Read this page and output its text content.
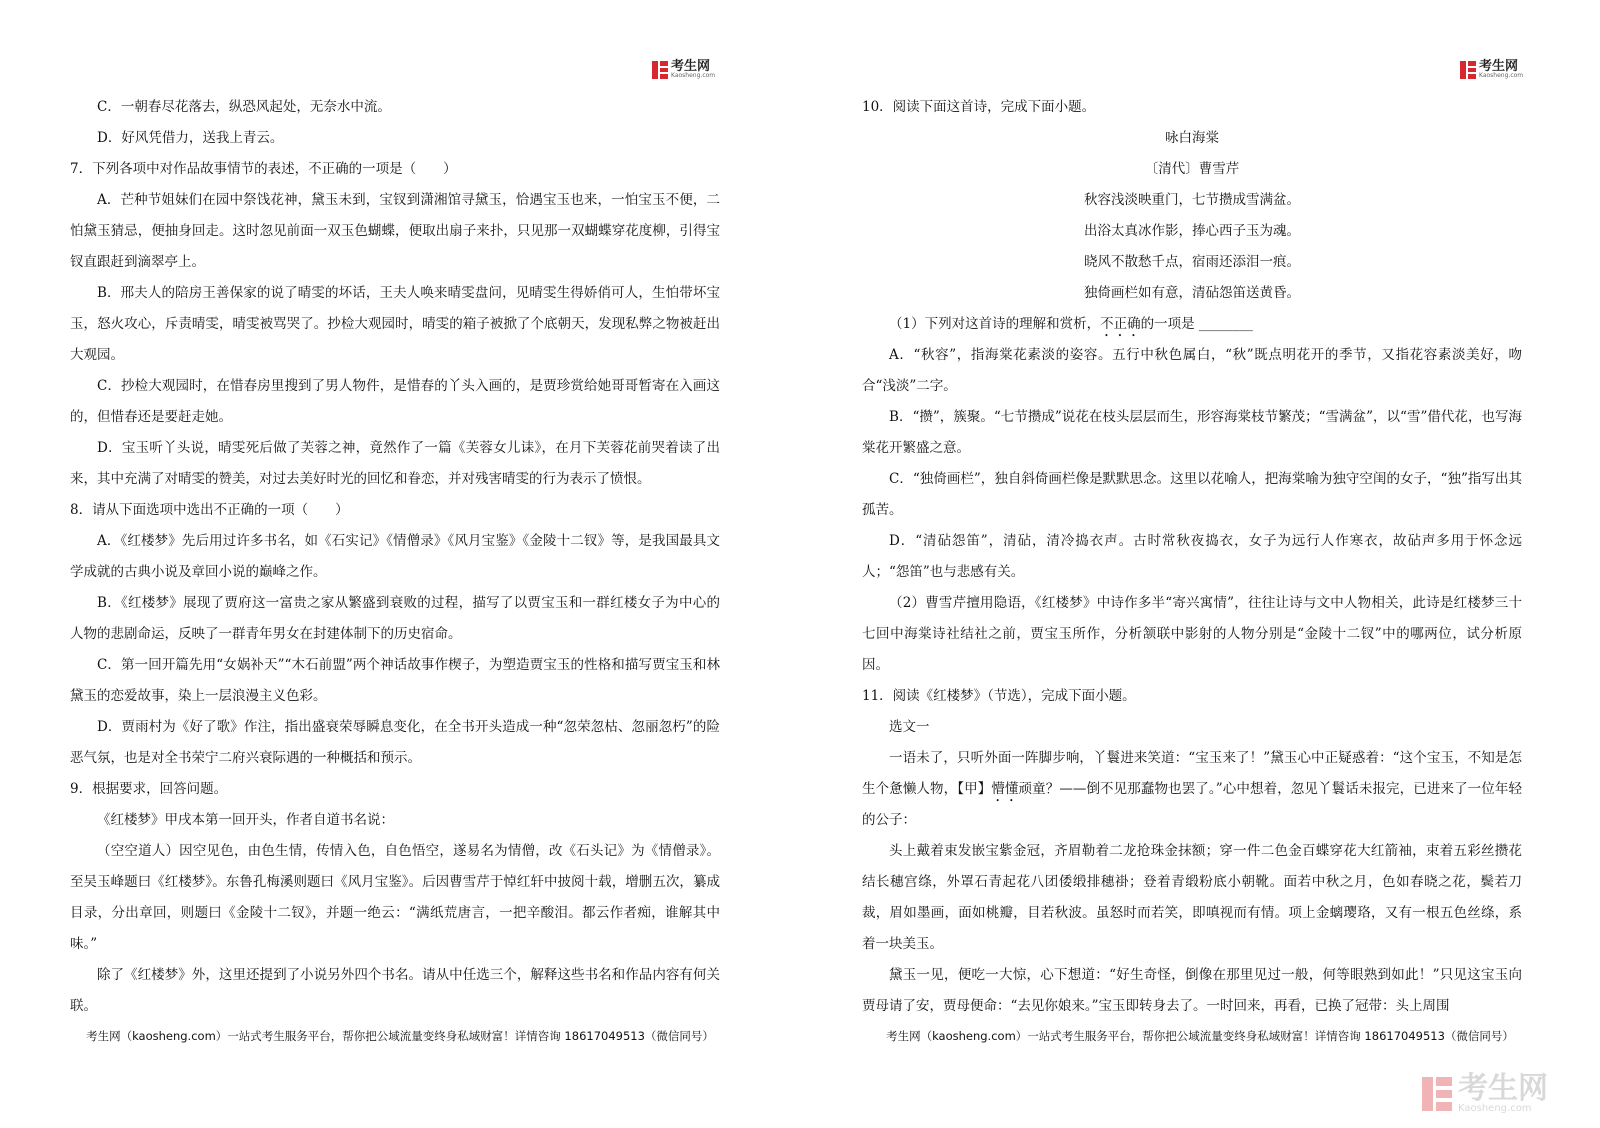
考生网
Kaosheng.com

C．一朝春尽花落去，纵恐风起处，无奈水中流。

D．好风凭借力，送我上青云。

7．下列各项中对作品故事情节的表述，不正确的一项是（　　）

A．芒种节姐妹们在园中祭饯花神，黛玉未到，宝钗到潇湘馆寻黛玉，恰遇宝玉也来，一怕宝玉不便，二怕黛玉猜忌，便抽身回走。这时忽见前面一双玉色蝴蝶，便取出扇子来扑，只见那一双蝴蝶穿花度柳，引得宝钗直跟赶到滴翠亭上。

B．邢夫人的陪房王善保家的说了晴雯的坏话，王夫人唤来晴雯盘问，见晴雯生得娇俏可人，生怕带坏宝玉，怒火攻心，斥责晴雯，晴雯被骂哭了。抄检大观园时，晴雯的箱子被掀了个底朝天，发现私弊之物被赶出大观园。

C．抄检大观园时，在惜春房里搜到了男人物件，是惜春的丫头入画的，是贾珍赏给她哥哥暂寄在入画这的，但惜春还是要赶走她。

D．宝玉听丫头说，晴雯死后做了芙蓉之神，竟然作了一篇《芙蓉女儿诔》，在月下芙蓉花前哭着读了出来，其中充满了对晴雯的赞美，对过去美好时光的回忆和眷恋，并对残害晴雯的行为表示了愤恨。

8．请从下面选项中选出不正确的一项（　　）

A．《红楼梦》先后用过许多书名，如《石实记》《情僧录》《风月宝鉴》《金陵十二钗》等，是我国最具文学成就的古典小说及章回小说的巅峰之作。

B．《红楼梦》展现了贾府这一富贵之家从繁盛到衰败的过程，描写了以贾宝玉和一群红楼女子为中心的人物的悲剧命运，反映了一群青年男女在封建体制下的历史宿命。

C．第一回开篇先用“女娲补天”“木石前盟”两个神话故事作楔子，为塑造贾宝玉的性格和描写贾宝玉和林黛玉的恋爱故事，染上一层浪漫主义色彩。

D．贾雨村为《好了歌》作注，指出盛衰荣辱瞬息变化，在全书开头造成一种“忽荣忽枯、忽丽忽朽”的险恶气氛，也是对全书荣宁二府兴衰际遇的一种概括和预示。

9．根据要求，回答问题。

《红楼梦》甲戌本第一回开头，作者自道书名说：

（空空道人）因空见色，由色生情，传情入色，自色悟空，遂易名为情僧，改《石头记》为《情僧录》。至吴玉峰题曰《红楼梦》。东鲁孔梅溪则题曰《风月宝鉴》。后因曹雪芹于悼红轩中披阅十载，增删五次，纂成目录，分出章回，则题曰《金陵十二钗》，并题一绝云：“满纸荒唐言，一把辛酸泪。都云作者痴，谁解其中味。”

除了《红楼梦》外，这里还提到了小说另外四个书名。请从中任选三个，解释这些书名和作品内容有何关联。

考生网（kaosheng.com）一站式考生服务平台，帮你把公域流量变终身私域财富！详情咨询 18617049513（微信同号）
考生网
Kaosheng.com

10．阅读下面这首诗，完成下面小题。

咏白海棠

〔清代〕曹雪芹

秋容浅淡映重门，七节攒成雪满盆。

出浴太真冰作影，捧心西子玉为魂。

晓风不散愁千点，宿雨还添泪一痕。

独倚画栏如有意，清砧怨笛送黄昏。

（1）下列对这首诗的理解和赏析，不正确的一项是 ________

A．“秋容”，指海棠花素淡的姿容。五行中秋色属白，“秋”既点明花开的季节，又指花容素淡美好，吻合“浅淡”二字。

B．“攒”，簇聚。“七节攒成”说花在枝头层层而生，形容海棠枝节繁茂；“雪满盆”，以“雪”借代花，也写海棠花开繁盛之意。

C．“独倚画栏”，独自斜倚画栏像是默默思念。这里以花喻人，把海棠喻为独守空闺的女子，“独”指写出其孤苦。

D．“清砧怨笛”，清砧，清冷捣衣声。古时常秋夜捣衣，女子为远行人作寒衣，故砧声多用于怀念远人；“怨笛”也与悲感有关。

（2）曹雪芹擅用隐语，《红楼梦》中诗作多半“寄兴寓情”，往往让诗与文中人物相关，此诗是红楼梦三十七回中海棠诗社结社之前，贾宝玉所作，分析颔联中影射的人物分别是“金陵十二钗”中的哪两位，试分析原因。

11．阅读《红楼梦》（节选），完成下面小题。

选文一

一语未了，只听外面一阵脚步响，丫鬟进来笑道：“宝玉来了！”黛玉心中正疑惑着：“这个宝玉，不知是怎生个惫懒人物，【甲】懵懂顽童？——倒不见那蠢物也罢了。”心中想着，忽见丫鬟话未报完，已进来了一位年轻的公子：

头上戴着束发嵌宝紫金冠，齐眉勒着二龙抢珠金抹额；穿一件二色金百蝶穿花大红箭袖，束着五彩丝攒花结长穗宫绦，外罩石青起花八团倭缎排穗褂；登着青缎粉底小朝靴。面若中秋之月，色如春晓之花，鬓若刀裁，眉如墨画，面如桃瓣，目若秋波。虽怒时而若笑，即嗔视而有情。项上金螭璎珞，又有一根五色丝绦，系着一块美玉。

黛玉一见，便吃一大惊，心下想道：“好生奇怪，倒像在那里见过一般，何等眼熟到如此！”只见这宝玉向贾母请了安，贾母便命：“去见你娘来。”宝玉即转身去了。一时回来，再看，已换了冠带：头上周围

考生网（kaosheng.com）一站式考生服务平台，帮你把公域流量变终身私域财富！详情咨询 18617049513（微信同号）
考生网
Kaosheng.com
